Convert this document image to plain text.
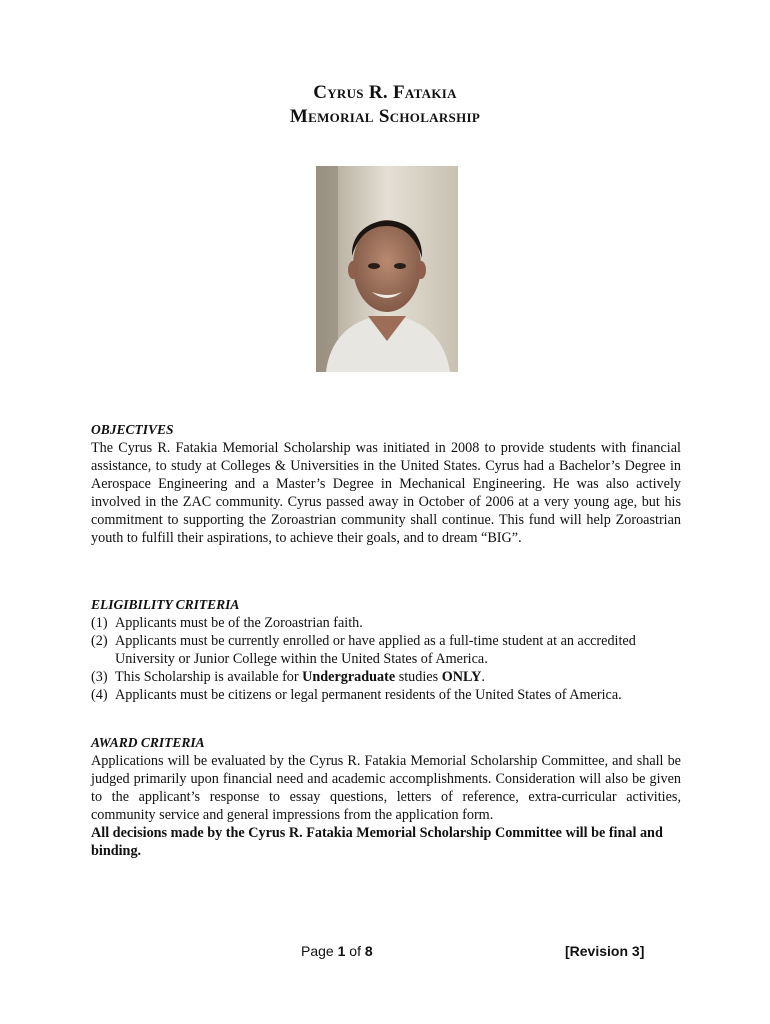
Cyrus R. Fatakia
Memorial Scholarship
OBJECTIVES
The Cyrus R. Fatakia Memorial Scholarship was initiated in 2008 to provide students with financial assistance, to study at Colleges & Universities in the United States. Cyrus had a Bachelor’s Degree in Aerospace Engineering and a Master’s Degree in Mechanical Engineering. He was also actively involved in the ZAC community. Cyrus passed away in October of 2006 at a very young age, but his commitment to supporting the Zoroastrian community shall continue. This fund will help Zoroastrian youth to fulfill their aspirations, to achieve their goals, and to dream “BIG”.
ELIGIBILITY CRITERIA
(1) Applicants must be of the Zoroastrian faith.
(2) Applicants must be currently enrolled or have applied as a full-time student at an accredited University or Junior College within the United States of America.
(3) This Scholarship is available for Undergraduate studies ONLY.
(4) Applicants must be citizens or legal permanent residents of the United States of America.
AWARD CRITERIA
Applications will be evaluated by the Cyrus R. Fatakia Memorial Scholarship Committee, and shall be judged primarily upon financial need and academic accomplishments. Consideration will also be given to the applicant’s response to essay questions, letters of reference, extra-curricular activities, community service and general impressions from the application form.
All decisions made by the Cyrus R. Fatakia Memorial Scholarship Committee will be final and binding.
Page 1 of 8	[Revision 3]
